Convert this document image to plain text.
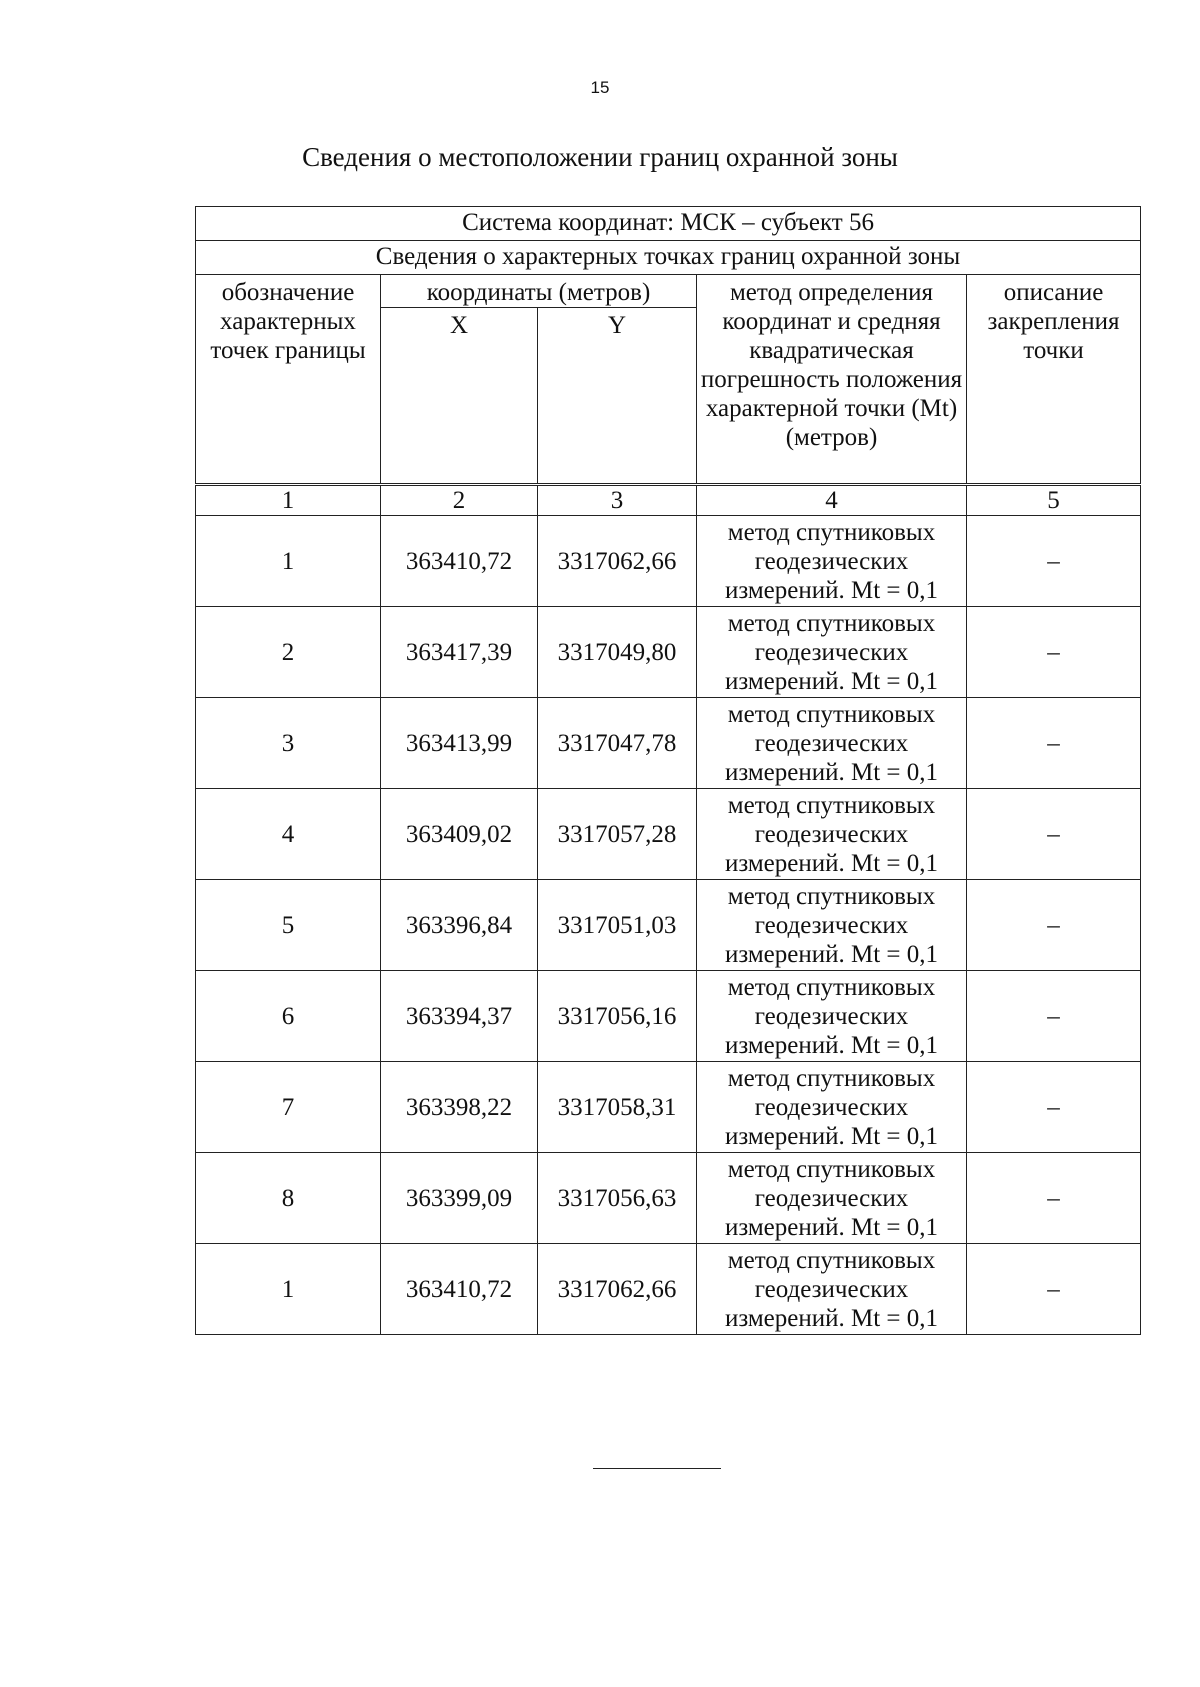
15
Сведения о местоположении границ охранной зоны
Система координат: МСК – субъект 56				
Сведения о характерных точках границ охранной зоны				
обозначение характерных точек границы	координаты (метров)		метод определения координат и средняя квадратическая погрешность положения характерной точки (Mt) (метров)	описание закрепления точки
	X	Y		
1	2	3	4	5
1	363410,72	3317062,66	метод спутниковых геодезических измерений. Mt = 0,1	–
2	363417,39	3317049,80	метод спутниковых геодезических измерений. Mt = 0,1	–
3	363413,99	3317047,78	метод спутниковых геодезических измерений. Mt = 0,1	–
4	363409,02	3317057,28	метод спутниковых геодезических измерений. Mt = 0,1	–
5	363396,84	3317051,03	метод спутниковых геодезических измерений. Mt = 0,1	–
6	363394,37	3317056,16	метод спутниковых геодезических измерений. Mt = 0,1	–
7	363398,22	3317058,31	метод спутниковых геодезических измерений. Mt = 0,1	–
8	363399,09	3317056,63	метод спутниковых геодезических измерений. Mt = 0,1	–
1	363410,72	3317062,66	метод спутниковых геодезических измерений. Mt = 0,1	–
